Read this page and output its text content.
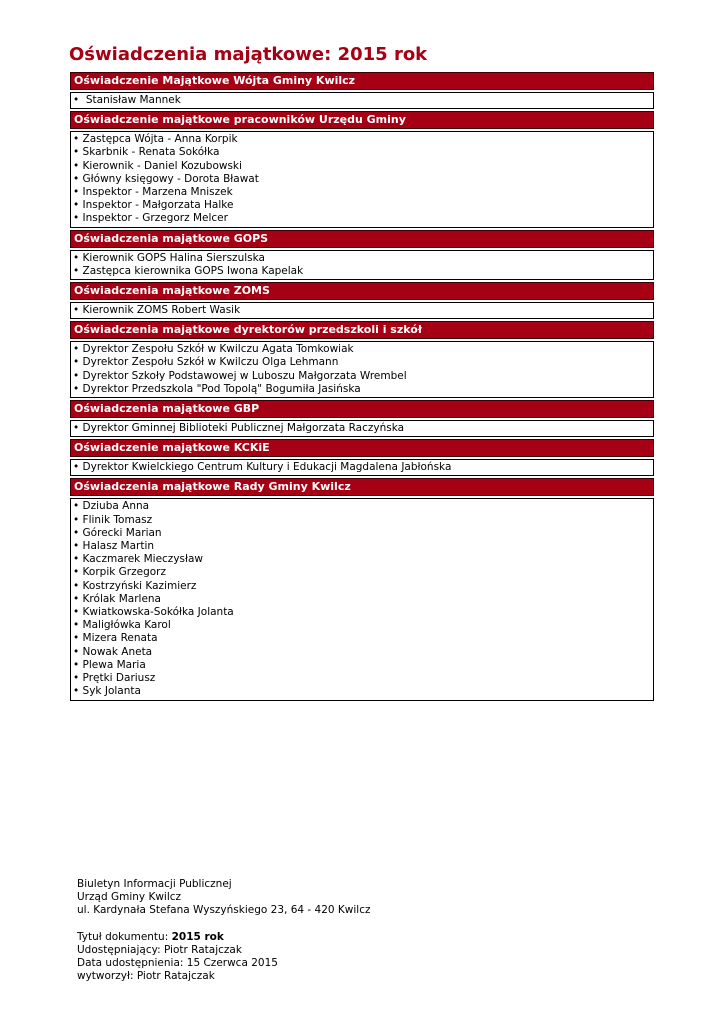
Oświadczenia majątkowe: 2015 rok
Oświadczenie Majątkowe Wójta Gminy Kwilcz
• Stanisław Mannek
Oświadczenie majątkowe pracowników Urzędu Gminy
• Zastępca Wójta - Anna Korpik
• Skarbnik - Renata Sokółka
• Kierownik - Daniel Kozubowski
• Główny księgowy - Dorota Bławat
• Inspektor - Marzena Mniszek
• Inspektor - Małgorzata Halke
• Inspektor - Grzegorz Melcer
Oświadczenia majątkowe GOPS
• Kierownik GOPS Halina Sierszulska
• Zastępca kierownika GOPS Iwona Kapelak
Oświadczenia majątkowe ZOMS
• Kierownik ZOMS Robert Wasik
Oświadczenia majątkowe dyrektorów przedszkoli i szkół
• Dyrektor Zespołu Szkół w Kwilczu Agata Tomkowiak
• Dyrektor Zespołu Szkół w Kwilczu Olga Lehmann
• Dyrektor Szkoły Podstawowej w Luboszu Małgorzata Wrembel
• Dyrektor Przedszkola "Pod Topolą" Bogumiła Jasińska
Oświadczenia majątkowe GBP
• Dyrektor Gminnej Biblioteki Publicznej Małgorzata Raczyńska
Oświadczenie majątkowe KCKiE
• Dyrektor Kwielckiego Centrum Kultury i Edukacji Magdalena Jabłońska
Oświadczenia majątkowe Rady Gminy Kwilcz
• Dziuba Anna
• Flinik Tomasz
• Górecki Marian
• Halasz Martin
• Kaczmarek Mieczysław
• Korpik Grzegorz
• Kostrzyński Kazimierz
• Królak Marlena
• Kwiatkowska-Sokółka Jolanta
• Maligłówka Karol
• Mizera Renata
• Nowak Aneta
• Plewa Maria
• Prętki Dariusz
• Syk Jolanta
Biuletyn Informacji Publicznej
Urząd Gminy Kwilcz
ul. Kardynała Stefana Wyszyńskiego 23, 64 - 420 Kwilcz
Tytuł dokumentu: 2015 rok
Udostępniający: Piotr Ratajczak
Data udostępnienia: 15 Czerwca 2015
wytworzył: Piotr Ratajczak
